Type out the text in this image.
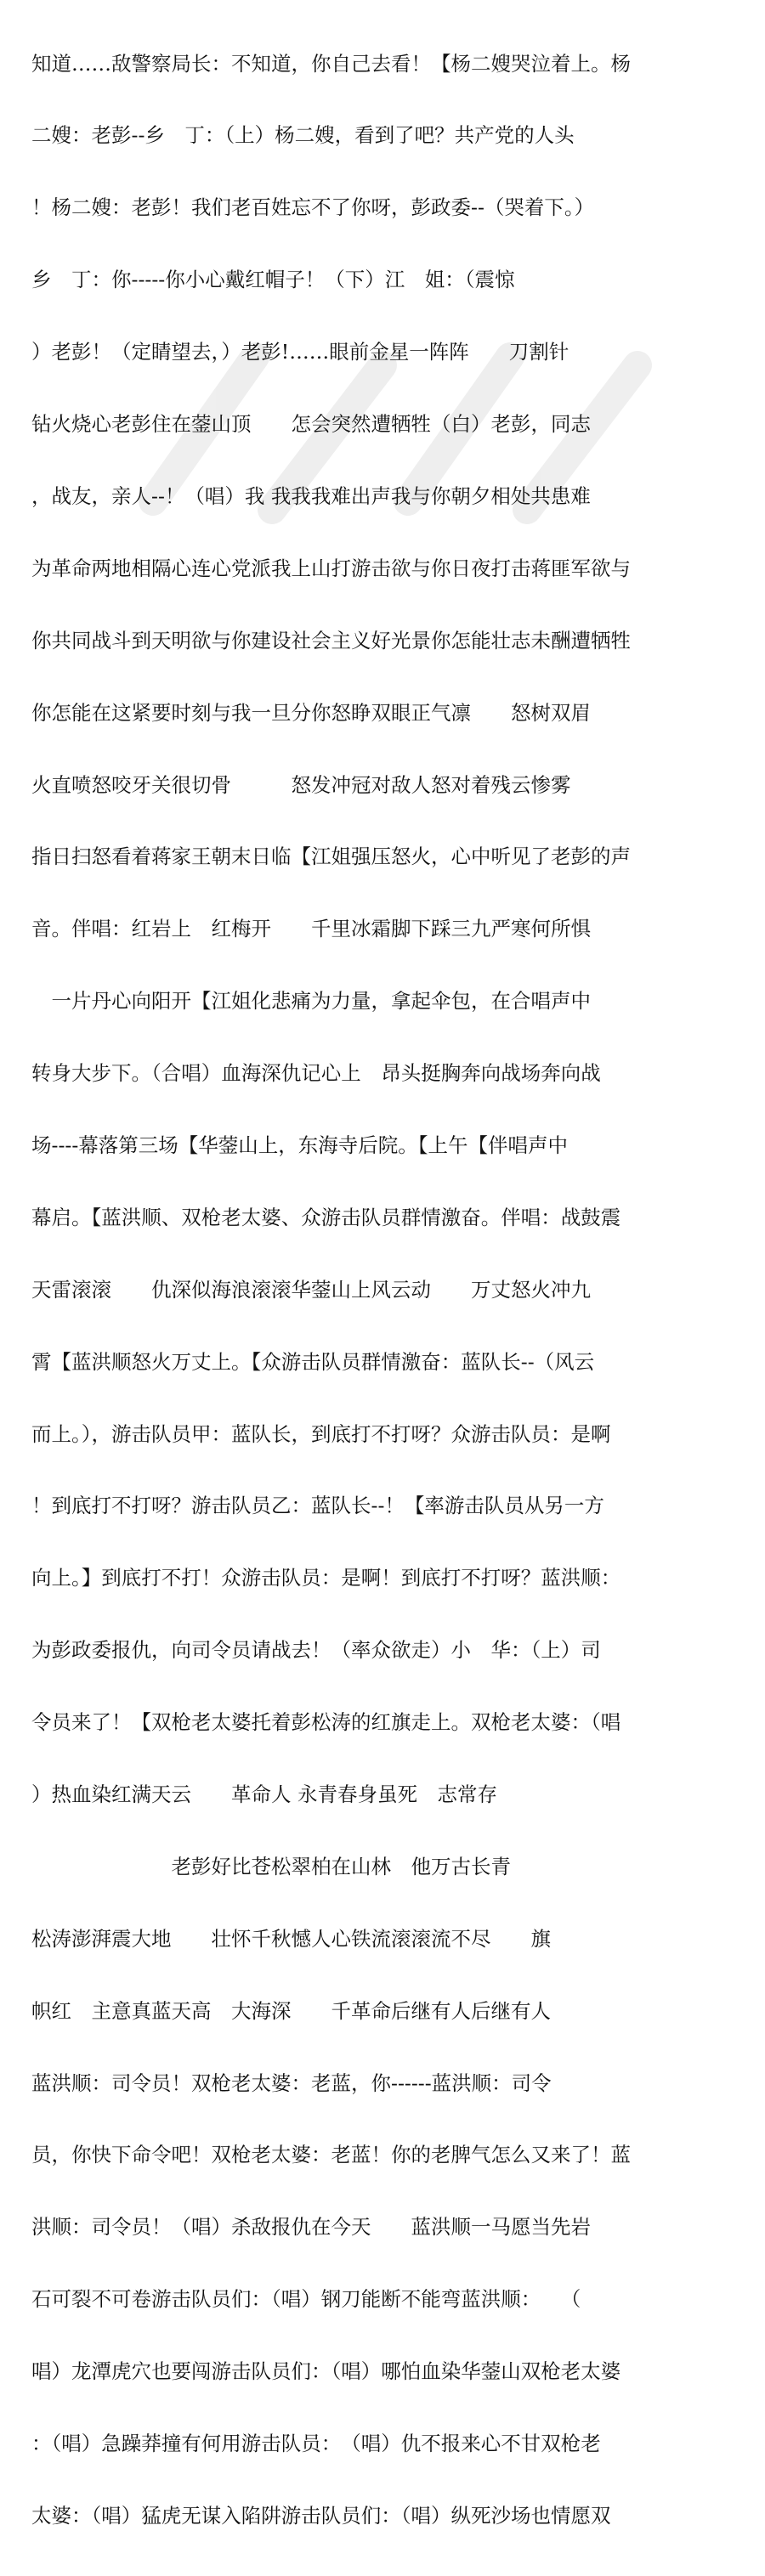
知道……敌警察局长：不知道，你自己去看！【杨二嫂哭泣着上。杨

二嫂：老彭--乡　丁：（上）杨二嫂，看到了吧？共产党的人头

！杨二嫂：老彭！我们老百姓忘不了你呀，彭政委--（哭着下。）

乡　丁：你-----你小心戴红帽子！（下）江　姐：（震惊

）老彭！（定睛望去，）老彭!……眼前金星一阵阵　　刀割针

钻火烧心老彭住在蓥山顶　　怎会突然遭牺牲（白）老彭，同志

，战友，亲人--！（唱）我 我我我难出声我与你朝夕相处共患难

为革命两地相隔心连心党派我上山打游击欲与你日夜打击蒋匪军欲与

你共同战斗到天明欲与你建设社会主义好光景你怎能壮志未酬遭牺牲

你怎能在这紧要时刻与我一旦分你怒睁双眼正气凛　　怒树双眉

火直喷怒咬牙关很切骨　　　怒发冲冠对敌人怒对着残云惨雾

指日扫怒看着蒋家王朝末日临【江姐强压怒火，心中听见了老彭的声

音。伴唱：红岩上　红梅开　　千里冰霜脚下踩三九严寒何所惧

　一片丹心向阳开【江姐化悲痛为力量，拿起伞包，在合唱声中

转身大步下。（合唱）血海深仇记心上　昂头挺胸奔向战场奔向战

场----幕落第三场【华蓥山上，东海寺后院。【上午【伴唱声中

幕启。【蓝洪顺、双枪老太婆、众游击队员群情激奋。伴唱：战鼓震

天雷滚滚　　仇深似海浪滚滚华蓥山上风云动　　万丈怒火冲九

霄【蓝洪顺怒火万丈上。【众游击队员群情激奋：蓝队长--（风云

而上。），游击队员甲：蓝队长，到底打不打呀？众游击队员：是啊

！到底打不打呀？游击队员乙：蓝队长--！【率游击队员从另一方

向上。】到底打不打！众游击队员：是啊！到底打不打呀？蓝洪顺：

为彭政委报仇，向司令员请战去！（率众欲走）小　华：（上）司

令员来了！【双枪老太婆托着彭松涛的红旗走上。双枪老太婆：（唱

）热血染红满天云　　革命人 永青春身虽死　志常存

　　　　　　　老彭好比苍松翠柏在山林　他万古长青

松涛澎湃震大地　　壮怀千秋憾人心铁流滚滚流不尽　　旗

帜红　主意真蓝天高　大海深　　千革命后继有人后继有人

蓝洪顺：司令员！双枪老太婆：老蓝，你------蓝洪顺：司令

员，你快下命令吧！双枪老太婆：老蓝！你的老脾气怎么又来了！蓝

洪顺：司令员！（唱）杀敌报仇在今天　　蓝洪顺一马愿当先岩

石可裂不可卷游击队员们：（唱）钢刀能断不能弯蓝洪顺：　　（

唱）龙潭虎穴也要闯游击队员们：（唱）哪怕血染华蓥山双枪老太婆

：（唱）急躁莽撞有何用游击队员：　（唱）仇不报来心不甘双枪老

太婆：（唱）猛虎无谋入陷阱游击队员们：（唱）纵死沙场也情愿双
